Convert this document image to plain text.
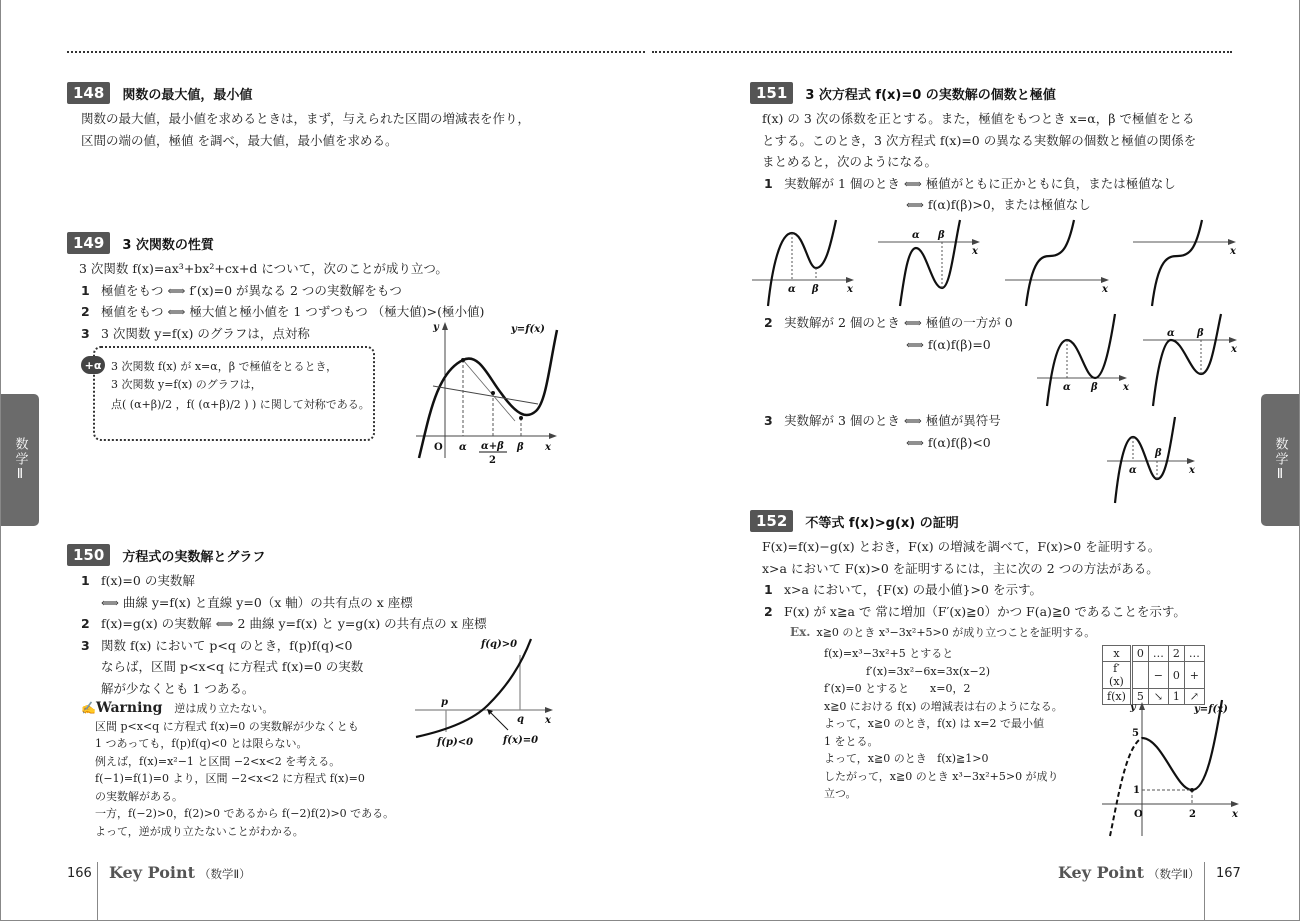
数学Ⅱ
148	関数の最大値，最小値
関数の最大値，最小値を求めるときは，まず，与えられた区間の増減表を作り，
区間の端の値，極値 を調べ，最大値，最小値を求める。
149	3 次関数の性質
3 次関数 f(x)=ax³+bx²+cx+d について，次のことが成り立つ。
1 極値をもつ ⟺ f′(x)=0 が異なる 2 つの実数解をもつ
2 極値をもつ ⟺ 極大値と極小値を 1 つずつもつ （極大値)>(極小値)
3 3 次関数 y=f(x) のグラフは，点対称
+α 3 次関数 f(x) が x=α，β で極値をとるとき，
3 次関数 y=f(x) のグラフは，
点( (α+β)/2 ，f( (α+β)/2 ) ) に関して対称である。
y	y=f(x)
x
O α α+β
2
β
150	方程式の実数解とグラフ
1 f(x)=0 の実数解
⟺ 曲線 y=f(x) と直線 y=0（x 軸）の共有点の x 座標
2 f(x)=g(x) の実数解 ⟺ 2 曲線 y=f(x) と y=g(x) の共有点の x 座標
3 関数 f(x) において p<q のとき，f(p)f(q)<0
ならば，区間 p<x<q に方程式 f(x)=0 の実数
解が少なくとも 1 つある。
✍Warning 逆は成り立たない。
区間 p<x<q に方程式 f(x)=0 の実数解が少なくとも
1 つあっても，f(p)f(q)<0 とは限らない。
例えば，f(x)=x²−1 と区間 −2<x<2 を考える。
f(−1)=f(1)=0 より，区間 −2<x<2 に方程式 f(x)=0
の実数解がある。
一方，f(−2)>0，f(2)>0 であるから f(−2)f(2)>0 である。
よって，逆が成り立たないことがわかる。
f(q)>0
p
q x
f(p)<0	f(x)=0
166 Key Point （数学Ⅱ）
数学Ⅱ
151	3 次方程式 f(x)=0 の実数解の個数と極値
f(x) の 3 次の係数を正とする。また，極値をもつとき x=α，β で極値をとる
とする。このとき，3 次方程式 f(x)=0 の異なる実数解の個数と極値の関係を
まとめると，次のようになる。
1 実数解が 1 個のとき ⟺ 極値がともに正かともに負，または極値なし
⟺ f(α)f(β)>0，または極値なし
α β	x
α β
x
x
x
2 実数解が 2 個のとき ⟺ 極値の一方が 0
⟺ f(α)f(β)=0
α β	x
α β
x
3 実数解が 3 個のとき ⟺ 極値が異符号
⟺ f(α)f(β)<0
α
β
x
152	不等式 f(x)>g(x) の証明
F(x)=f(x)−g(x) とおき，F(x) の増減を調べて，F(x)>0 を証明する。
x>a において F(x)>0 を証明するには，主に次の 2 つの方法がある。
1 x>a において，{F(x) の最小値}>0 を示す。
2 F(x) が x≧a で 常に増加（F′(x)≧0）かつ F(a)≧0 であることを示す。
Ex. x≧0 のとき x³−3x²+5>0 が成り立つことを証明する。
f(x)=x³−3x²+5 とすると
f′(x)=3x²−6x=3x(x−2)
f′(x)=0 とすると      x=0，2
x≧0 における f(x) の増減表は右のようになる。
よって，x≧0 のとき，f(x) は x=2 で最小値
1 をとる。
よって，x≧0 のとき   f(x)≧1>0
したがって，x≧0 のとき x³−3x²+5>0 が成り
立つ。
x	0	…	2	…
f′(x)		−	0	+
f(x)	5	↘	1	↗
y	y=f(x)
5
1
O	2	x
Key Point （数学Ⅱ） 167
